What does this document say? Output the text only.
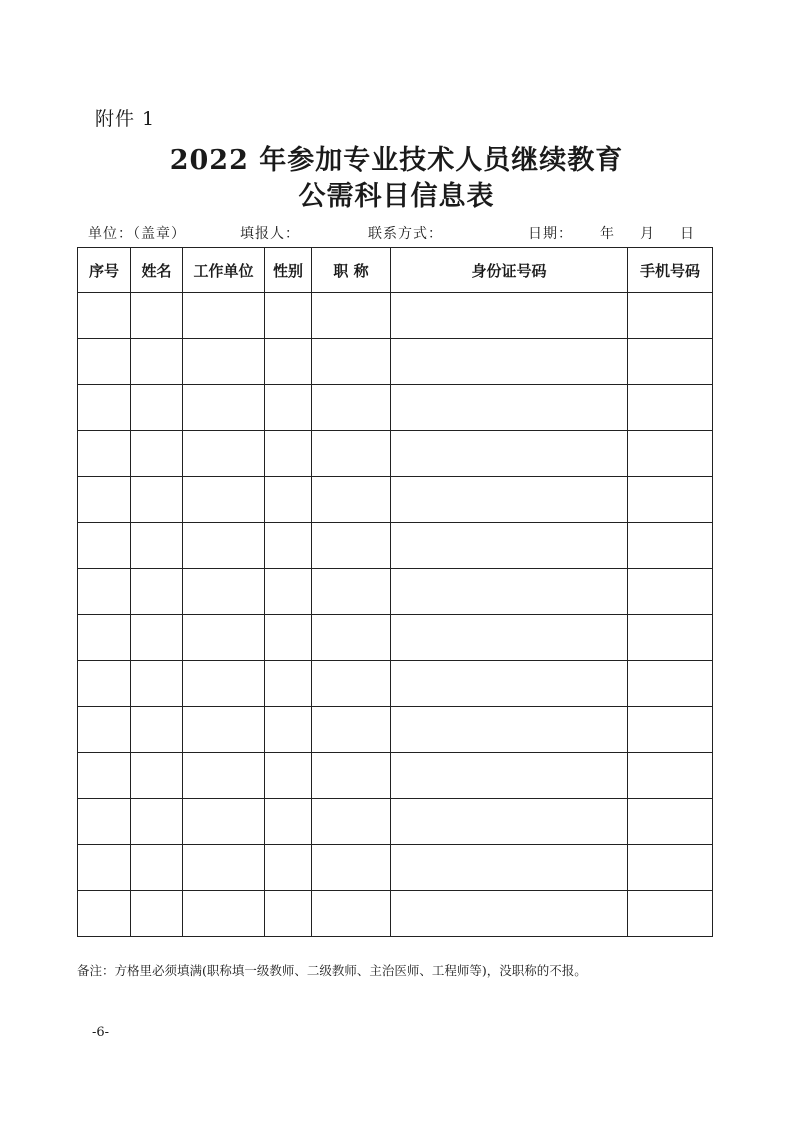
附件 1
2022 年参加专业技术人员继续教育
公需科目信息表
单位：（盖章）	填报人：	联系方式：	日期： 年 月 日
序号	姓名	工作单位	性别	职 称	身份证号码	手机号码

备注：方格里必须填满(职称填一级教师、二级教师、主治医师、工程师等)，没职称的不报。
-6-
